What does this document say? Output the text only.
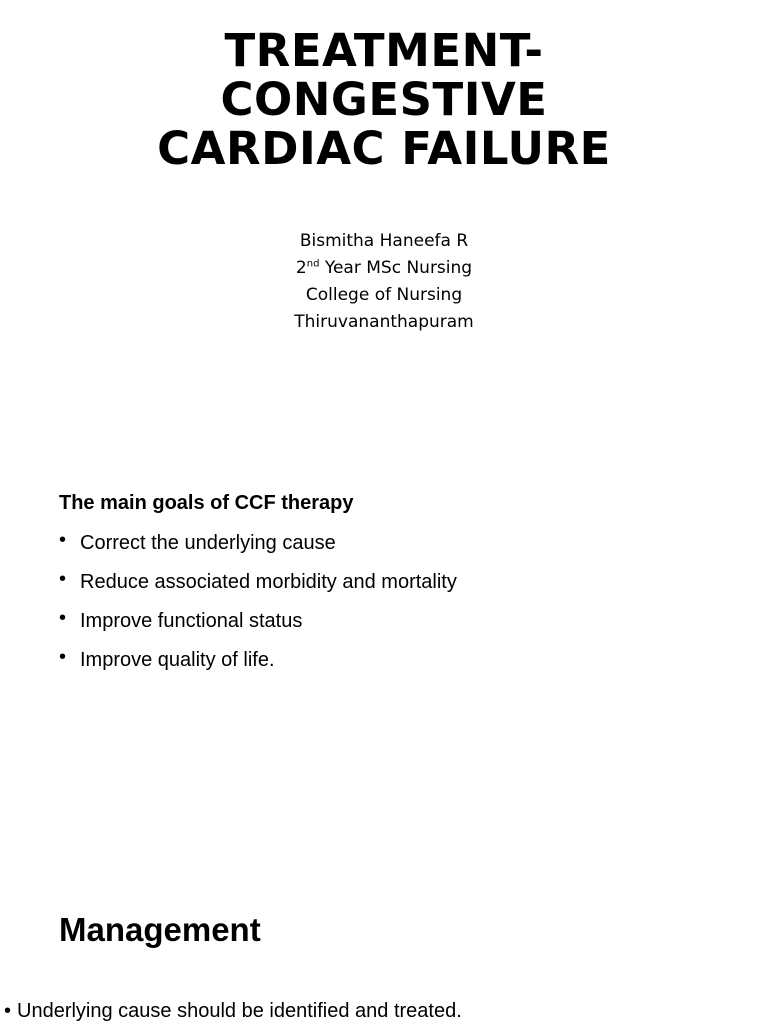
TREATMENT-
CONGESTIVE
CARDIAC FAILURE
Bismitha Haneefa R
2nd Year MSc Nursing
College of Nursing
Thiruvananthapuram
The main goals of CCF therapy
• Correct the underlying cause
• Reduce associated morbidity and mortality
• Improve functional status
• Improve quality of life.
Management
• Underlying cause should be identified and treated.
